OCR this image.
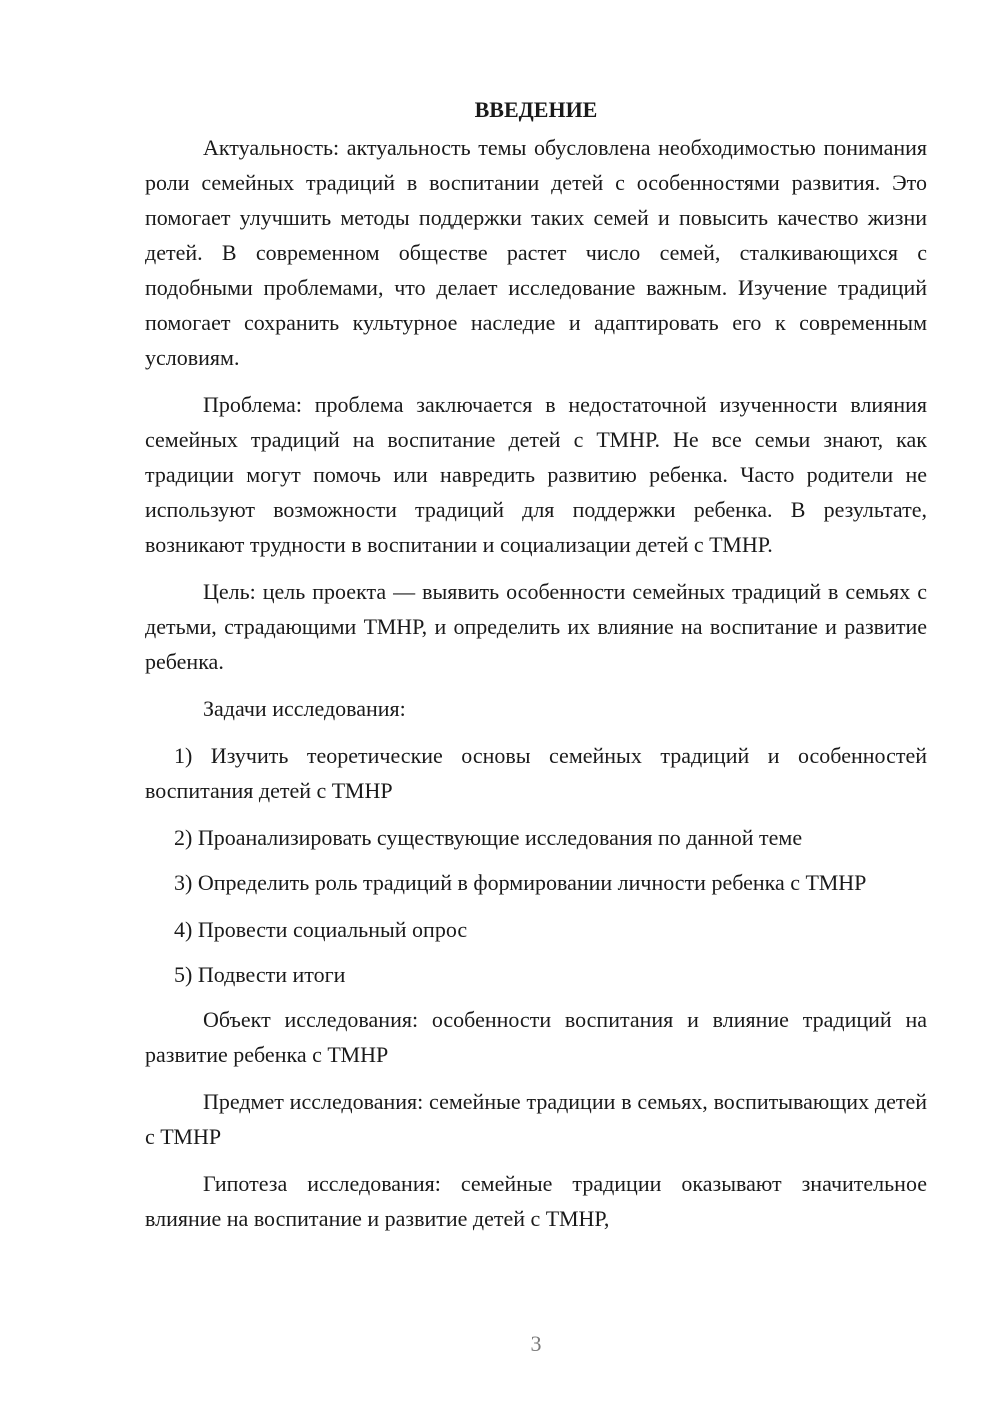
ВВЕДЕНИЕ

Актуальность: актуальность темы обусловлена необходимостью понимания роли семейных традиций в воспитании детей с особенностями развития. Это помогает улучшить методы поддержки таких семей и повысить качество жизни детей. В современном обществе растет число семей, сталкивающихся с подобными проблемами, что делает исследование важным. Изучение традиций помогает сохранить культурное наследие и адаптировать его к современным условиям.

Проблема: проблема заключается в недостаточной изученности влияния семейных традиций на воспитание детей с ТМНР. Не все семьи знают, как традиции могут помочь или навредить развитию ребенка. Часто родители не используют возможности традиций для поддержки ребенка. В результате, возникают трудности в воспитании и социализации детей с ТМНР.

Цель: цель проекта — выявить особенности семейных традиций в семьях с детьми, страдающими ТМНР, и определить их влияние на воспитание и развитие ребенка.

Задачи исследования:

1) Изучить теоретические основы семейных традиций и особенностей воспитания детей с ТМНР

2) Проанализировать существующие исследования по данной теме

3) Определить роль традиций в формировании личности ребенка с ТМНР

4) Провести социальный опрос

5) Подвести итоги

Объект исследования: особенности воспитания и влияние традиций на развитие ребенка с ТМНР

Предмет исследования: семейные традиции в семьях, воспитывающих детей с ТМНР

Гипотеза исследования: семейные традиции оказывают значительное влияние на воспитание и развитие детей с ТМНР,

3
